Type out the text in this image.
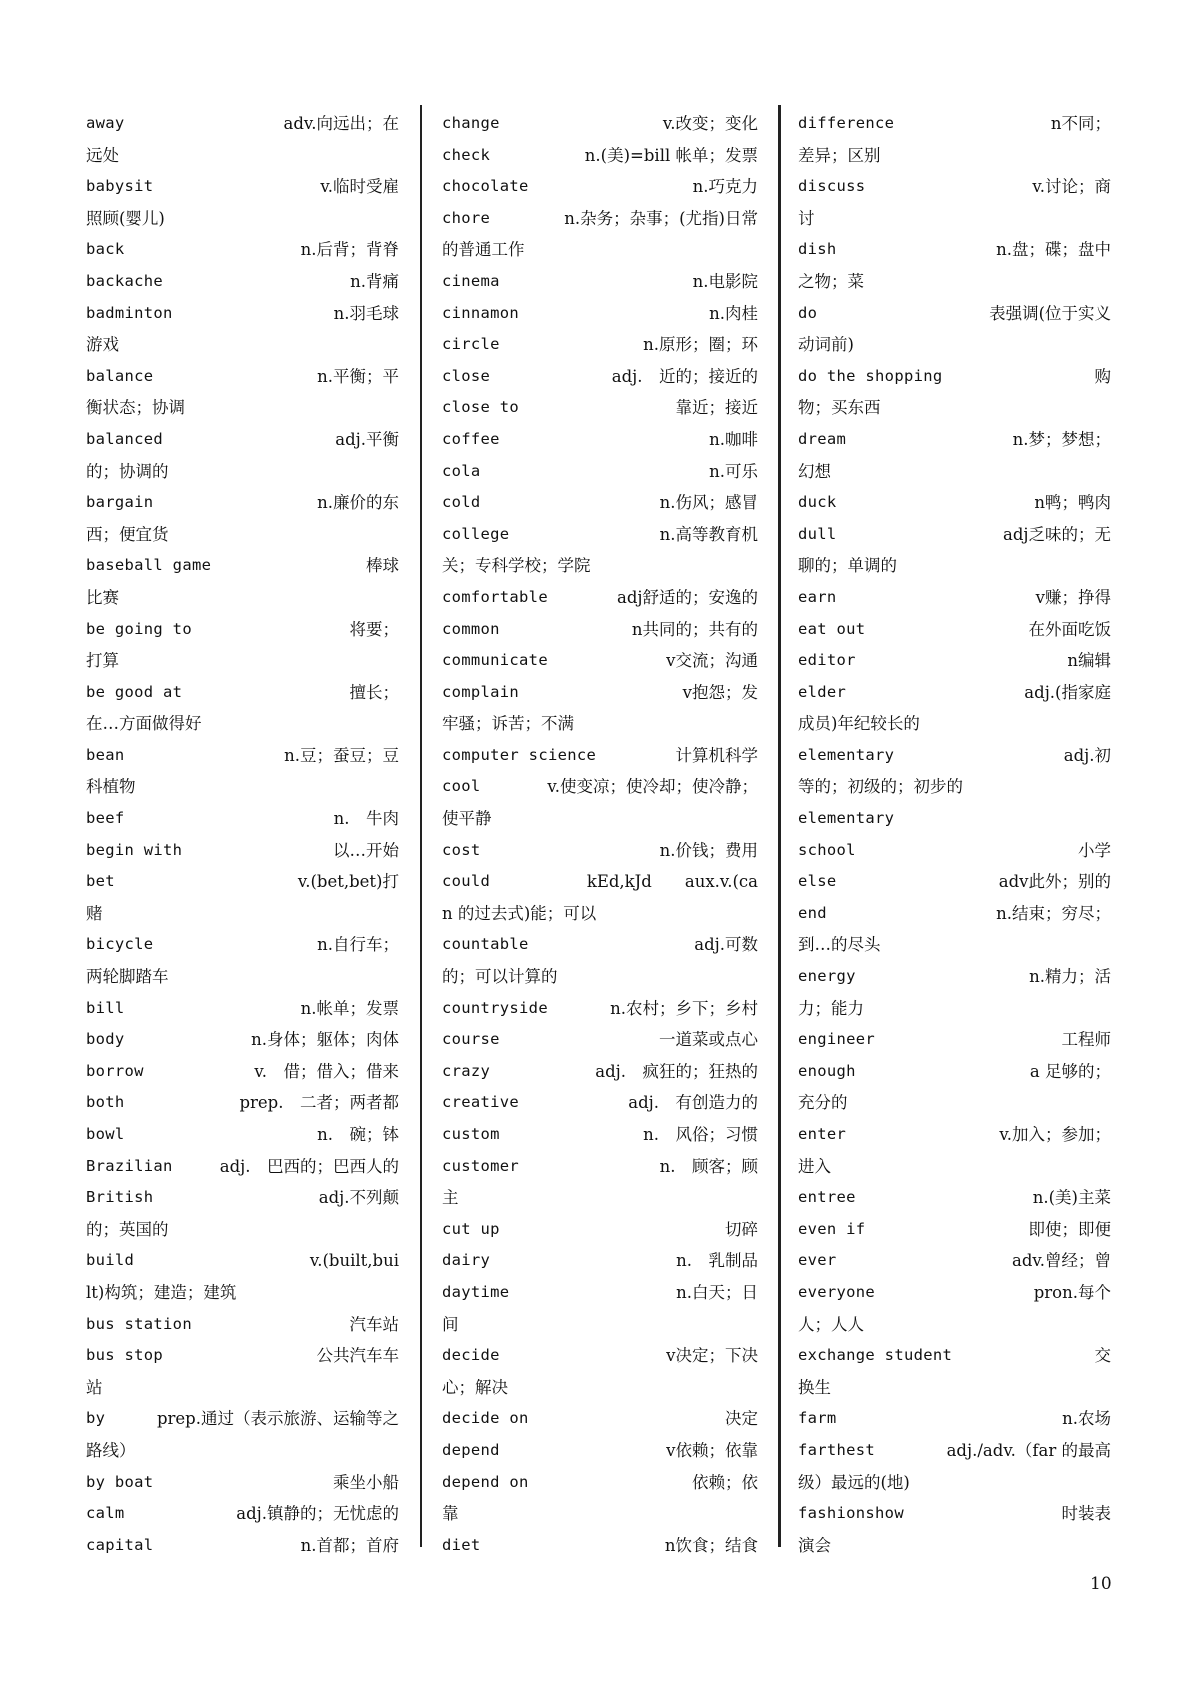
away	adv.向远出；在
远处
babysit	v.临时受雇
照顾(婴儿)
back	n.后背；背脊
backache	n.背痛
badminton	n.羽毛球
游戏
balance	n.平衡；平
衡状态；协调
balanced	adj.平衡
的；协调的
bargain	n.廉价的东
西；便宜货
baseball game	棒球
比赛
be going to	将要；
打算
be good at	擅长；
在…方面做得好
bean	n.豆；蚕豆；豆
科植物
beef	n.　牛肉
begin with	以…开始
bet	v.(bet,bet)打
赌
bicycle	n.自行车；
两轮脚踏车
bill	n.帐单；发票
body	n.身体；躯体；肉体
borrow	v.　借；借入；借来
both	prep.　二者；两者都
bowl	n.　碗；钵
Brazilian	adj.　巴西的；巴西人的
British	adj.不列颠
的；英国的
build	v.(built,bui
lt)构筑；建造；建筑
bus station	汽车站
bus stop	公共汽车车
站
by	prep.通过（表示旅游、运输等之
路线）
by boat	乘坐小船
calm	adj.镇静的；无忧虑的
capital	n.首都；首府
change	v.改变；变化
check	n.(美)=bill 帐单；发票
chocolate	n.巧克力
chore	n.杂务；杂事；(尤指)日常
的普通工作
cinema	n.电影院
cinnamon	n.肉桂
circle	n.原形；圈；环
close	adj.　近的；接近的
close to	靠近；接近
coffee	n.咖啡
cola	n.可乐
cold	n.伤风；感冒
college	n.高等教育机
关；专科学校；学院
comfortable	adj舒适的；安逸的
common	n共同的；共有的
communicate	v交流；沟通
complain	v抱怨；发
牢骚；诉苦；不满
computer science	计算机科学
cool	v.使变凉；使冷却；使冷静；
使平静
cost	n.价钱；费用
could	kEd,kJd　　aux.v.(ca
n 的过去式)能；可以
countable	adj.可数
的；可以计算的
countryside	n.农村；乡下；乡村
course	一道菜或点心
crazy	adj.　疯狂的；狂热的
creative	adj.　有创造力的
custom	n.　风俗；习惯
customer	n.　顾客；顾
主
cut up	切碎
dairy	n.　乳制品
daytime	n.白天；日
间
decide	v决定；下决
心；解决
decide on	决定
depend	v依赖；依靠
depend on	依赖；依
靠
diet	n饮食；结食
difference	n不同；
差异；区别
discuss	v.讨论；商
讨
dish	n.盘；碟；盘中
之物；菜
do	表强调(位于实义
动词前)
do the shopping	购
物；买东西
dream	n.梦；梦想；
幻想
duck	n鸭；鸭肉
dull	adj乏味的；无
聊的；单调的
earn	v赚；挣得
eat out	在外面吃饭
editor	n编辑
elder	adj.(指家庭
成员)年纪较长的
elementary	adj.初
等的；初级的；初步的
elementary
school	小学
else	adv此外；别的
end	n.结束；穷尽；
到…的尽头
energy	n.精力；活
力；能力
engineer	工程师
enough	a 足够的；
充分的
enter	v.加入；参加；
进入
entree	n.(美)主菜
even if	即使；即便
ever	adv.曾经；曾
everyone	pron.每个
人；人人
exchange student	交
换生
farm	n.农场
farthest	adj./adv.（far 的最高
级）最远的(地)
fashionshow	时装表
演会
10
